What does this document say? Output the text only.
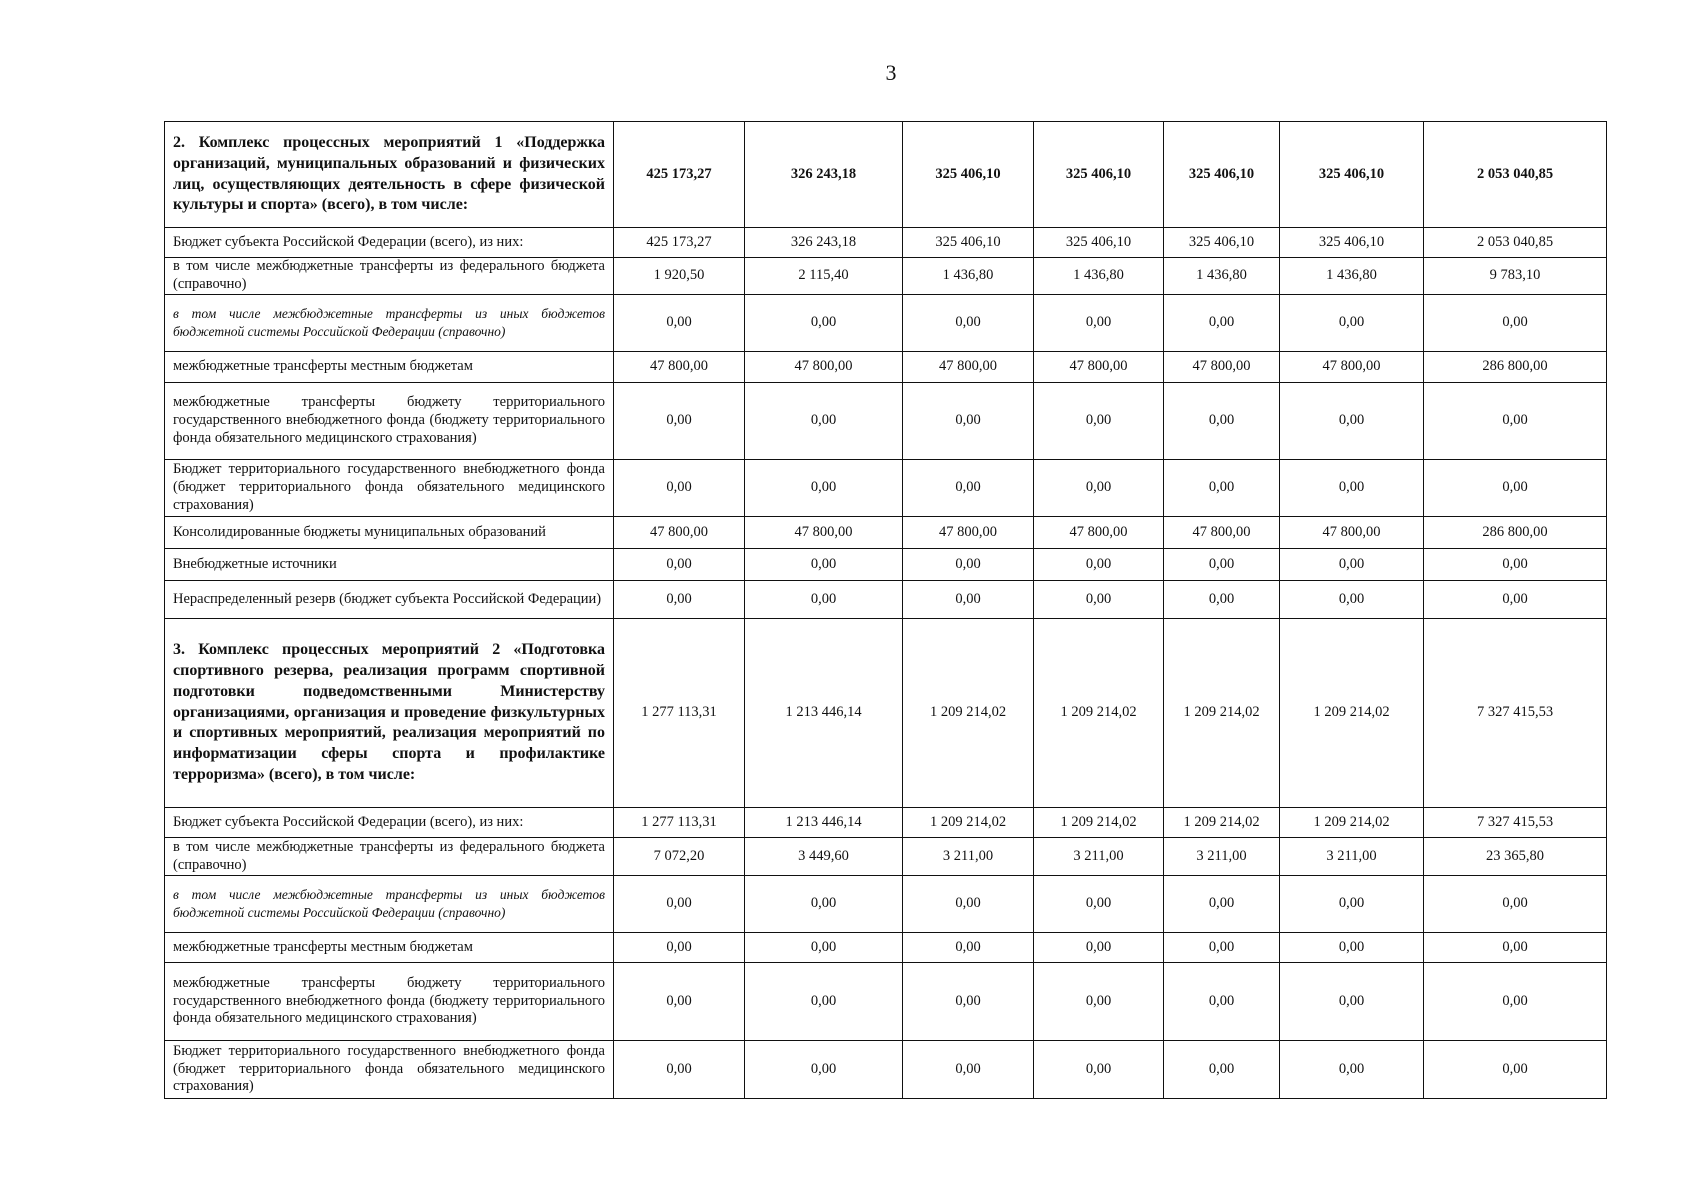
3
2. Комплекс процессных мероприятий 1 «Поддержка организаций, муниципальных образований и физических лиц, осуществляющих деятельность в сфере физической культуры и спорта» (всего), в том числе:	425 173,27	326 243,18	325 406,10	325 406,10	325 406,10	325 406,10	2 053 040,85
Бюджет субъекта Российской Федерации (всего), из них:	425 173,27	326 243,18	325 406,10	325 406,10	325 406,10	325 406,10	2 053 040,85
в том числе межбюджетные трансферты из федерального бюджета (справочно)	1 920,50	2 115,40	1 436,80	1 436,80	1 436,80	1 436,80	9 783,10
в том числе межбюджетные трансферты из иных бюджетов бюджетной системы Российской Федерации (справочно)	0,00	0,00	0,00	0,00	0,00	0,00	0,00
межбюджетные трансферты местным бюджетам	47 800,00	47 800,00	47 800,00	47 800,00	47 800,00	47 800,00	286 800,00
межбюджетные трансферты бюджету территориального государственного внебюджетного фонда (бюджету территориального фонда обязательного медицинского страхования)	0,00	0,00	0,00	0,00	0,00	0,00	0,00
Бюджет территориального государственного внебюджетного фонда (бюджет территориального фонда обязательного медицинского страхования)	0,00	0,00	0,00	0,00	0,00	0,00	0,00
Консолидированные бюджеты муниципальных образований	47 800,00	47 800,00	47 800,00	47 800,00	47 800,00	47 800,00	286 800,00
Внебюджетные источники	0,00	0,00	0,00	0,00	0,00	0,00	0,00
Нераспределенный резерв (бюджет субъекта Российской Федерации)	0,00	0,00	0,00	0,00	0,00	0,00	0,00
3. Комплекс процессных мероприятий 2 «Подготовка спортивного резерва, реализация программ спортивной подготовки подведомственными Министерству организациями, организация и проведение физкультурных и спортивных мероприятий, реализация мероприятий по информатизации сферы спорта и профилактике терроризма» (всего), в том числе:	1 277 113,31	1 213 446,14	1 209 214,02	1 209 214,02	1 209 214,02	1 209 214,02	7 327 415,53
Бюджет субъекта Российской Федерации (всего), из них:	1 277 113,31	1 213 446,14	1 209 214,02	1 209 214,02	1 209 214,02	1 209 214,02	7 327 415,53
в том числе межбюджетные трансферты из федерального бюджета (справочно)	7 072,20	3 449,60	3 211,00	3 211,00	3 211,00	3 211,00	23 365,80
в том числе межбюджетные трансферты из иных бюджетов бюджетной системы Российской Федерации (справочно)	0,00	0,00	0,00	0,00	0,00	0,00	0,00
межбюджетные трансферты местным бюджетам	0,00	0,00	0,00	0,00	0,00	0,00	0,00
межбюджетные трансферты бюджету территориального государственного внебюджетного фонда (бюджету территориального фонда обязательного медицинского страхования)	0,00	0,00	0,00	0,00	0,00	0,00	0,00
Бюджет территориального государственного внебюджетного фонда (бюджет территориального фонда обязательного медицинского страхования)	0,00	0,00	0,00	0,00	0,00	0,00	0,00
